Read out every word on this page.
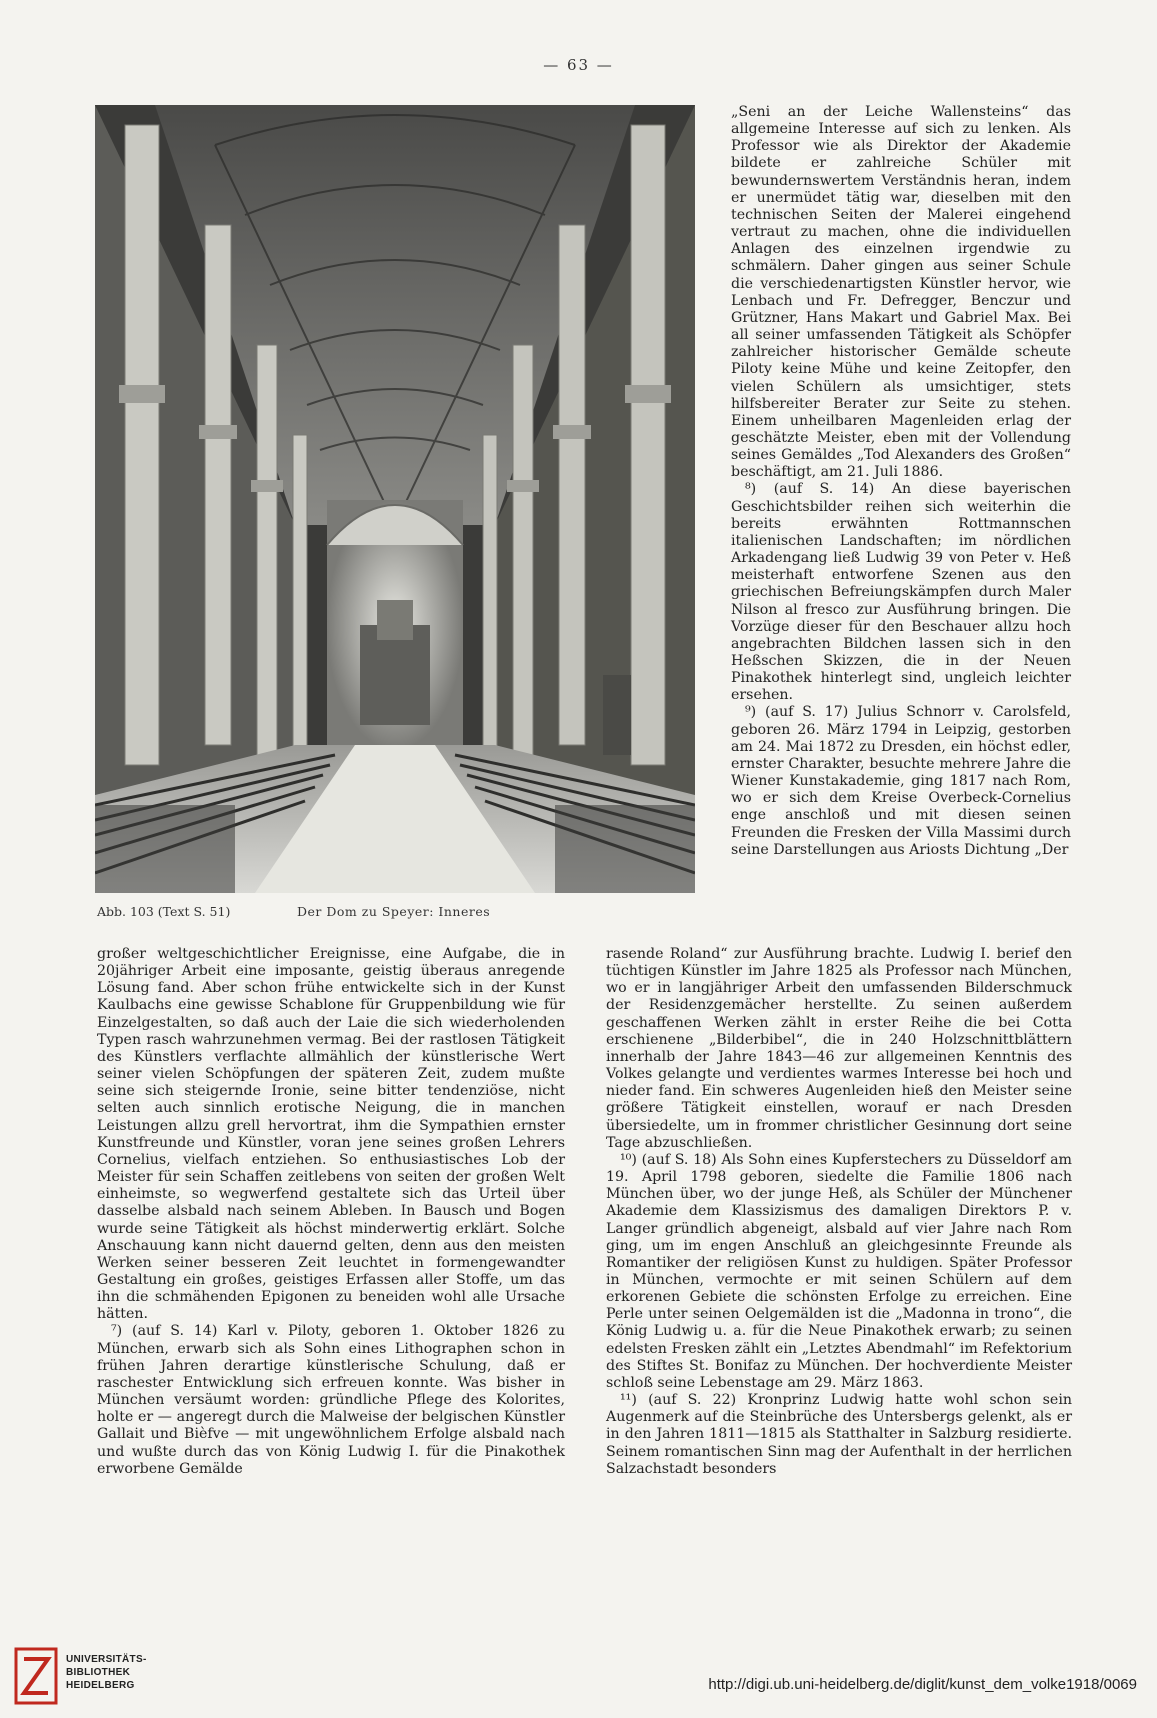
— 63 —
Abb. 103 (Text S. 51)	Der Dom zu Speyer: Inneres

„Seni an der Leiche Wallensteins“ das allgemeine Interesse auf sich zu lenken. Als Professor wie als Direktor der Akademie bildete er zahlreiche Schüler mit bewundernswertem Verständnis heran, indem er unermüdet tätig war, dieselben mit den technischen Seiten der Malerei eingehend vertraut zu machen, ohne die individuellen Anlagen des einzelnen irgendwie zu schmälern. Daher gingen aus seiner Schule die verschiedenartigsten Künstler hervor, wie Lenbach und Fr. Defregger, Benczur und Grützner, Hans Makart und Gabriel Max. Bei all seiner umfassenden Tätigkeit als Schöpfer zahlreicher historischer Gemälde scheute Piloty keine Mühe und keine Zeitopfer, den vielen Schülern als umsichtiger, stets hilfsbereiter Berater zur Seite zu stehen. Einem unheilbaren Magenleiden erlag der geschätzte Meister, eben mit der Vollendung seines Gemäldes „Tod Alexanders des Großen“ beschäftigt, am 21. Juli 1886.

⁸) (auf S. 14) An diese bayerischen Geschichtsbilder reihen sich weiterhin die bereits erwähnten Rottmannschen italienischen Landschaften; im nördlichen Arkadengang ließ Ludwig 39 von Peter v. Heß meisterhaft entworfene Szenen aus den griechischen Befreiungskämpfen durch Maler Nilson al fresco zur Ausführung bringen. Die Vorzüge dieser für den Beschauer allzu hoch angebrachten Bildchen lassen sich in den Heßschen Skizzen, die in der Neuen Pinakothek hinterlegt sind, ungleich leichter ersehen.

⁹) (auf S. 17) Julius Schnorr v. Carolsfeld, geboren 26. März 1794 in Leipzig, gestorben am 24. Mai 1872 zu Dresden, ein höchst edler, ernster Charakter, besuchte mehrere Jahre die Wiener Kunstakademie, ging 1817 nach Rom, wo er sich dem Kreise Overbeck-Cornelius enge anschloß und mit diesen seinen Freunden die Fresken der Villa Massimi durch seine Darstellungen aus Ariosts Dichtung „Der

großer weltgeschichtlicher Ereignisse, eine Aufgabe, die in 20jähriger Arbeit eine imposante, geistig überaus anregende Lösung fand. Aber schon frühe entwickelte sich in der Kunst Kaulbachs eine gewisse Schablone für Gruppenbildung wie für Einzelgestalten, so daß auch der Laie die sich wiederholenden Typen rasch wahrzunehmen vermag. Bei der rastlosen Tätigkeit des Künstlers verflachte allmählich der künstlerische Wert seiner vielen Schöpfungen der späteren Zeit, zudem mußte seine sich steigernde Ironie, seine bitter tendenziöse, nicht selten auch sinnlich erotische Neigung, die in manchen Leistungen allzu grell hervortrat, ihm die Sympathien ernster Kunstfreunde und Künstler, voran jene seines großen Lehrers Cornelius, vielfach entziehen. So enthusiastisches Lob der Meister für sein Schaffen zeitlebens von seiten der großen Welt einheimste, so wegwerfend gestaltete sich das Urteil über dasselbe alsbald nach seinem Ableben. In Bausch und Bogen wurde seine Tätigkeit als höchst minderwertig erklärt. Solche Anschauung kann nicht dauernd gelten, denn aus den meisten Werken seiner besseren Zeit leuchtet in formengewandter Gestaltung ein großes, geistiges Erfassen aller Stoffe, um das ihn die schmähenden Epigonen zu beneiden wohl alle Ursache hätten.

⁷) (auf S. 14) Karl v. Piloty, geboren 1. Oktober 1826 zu München, erwarb sich als Sohn eines Lithographen schon in frühen Jahren derartige künstlerische Schulung, daß er raschester Entwicklung sich erfreuen konnte. Was bisher in München versäumt worden: gründliche Pflege des Kolorites, holte er — angeregt durch die Malweise der belgischen Künstler Gallait und Bièfve — mit ungewöhnlichem Erfolge alsbald nach und wußte durch das von König Ludwig I. für die Pinakothek erworbene Gemälde

rasende Roland“ zur Ausführung brachte. Ludwig I. berief den tüchtigen Künstler im Jahre 1825 als Professor nach München, wo er in langjähriger Arbeit den umfassenden Bilderschmuck der Residenzgemächer herstellte. Zu seinen außerdem geschaffenen Werken zählt in erster Reihe die bei Cotta erschienene „Bilderbibel“, die in 240 Holzschnittblättern innerhalb der Jahre 1843—46 zur allgemeinen Kenntnis des Volkes gelangte und verdientes warmes Interesse bei hoch und nieder fand. Ein schweres Augenleiden hieß den Meister seine größere Tätigkeit einstellen, worauf er nach Dresden übersiedelte, um in frommer christlicher Gesinnung dort seine Tage abzuschließen.

¹⁰) (auf S. 18) Als Sohn eines Kupferstechers zu Düsseldorf am 19. April 1798 geboren, siedelte die Familie 1806 nach München über, wo der junge Heß, als Schüler der Münchener Akademie dem Klassizismus des damaligen Direktors P. v. Langer gründlich abgeneigt, alsbald auf vier Jahre nach Rom ging, um im engen Anschluß an gleichgesinnte Freunde als Romantiker der religiösen Kunst zu huldigen. Später Professor in München, vermochte er mit seinen Schülern auf dem erkorenen Gebiete die schönsten Erfolge zu erreichen. Eine Perle unter seinen Oelgemälden ist die „Madonna in trono“, die König Ludwig u. a. für die Neue Pinakothek erwarb; zu seinen edelsten Fresken zählt ein „Letztes Abendmahl“ im Refektorium des Stiftes St. Bonifaz zu München. Der hochverdiente Meister schloß seine Lebenstage am 29. März 1863.

¹¹) (auf S. 22) Kronprinz Ludwig hatte wohl schon sein Augenmerk auf die Steinbrüche des Untersbergs gelenkt, als er in den Jahren 1811—1815 als Statthalter in Salzburg residierte. Seinem romantischen Sinn mag der Aufenthalt in der herrlichen Salzachstadt besonders

UNIVERSITÄTS-
BIBLIOTHEK
HEIDELBERG	http://digi.ub.uni-heidelberg.de/diglit/kunst_dem_volke1918/0069
